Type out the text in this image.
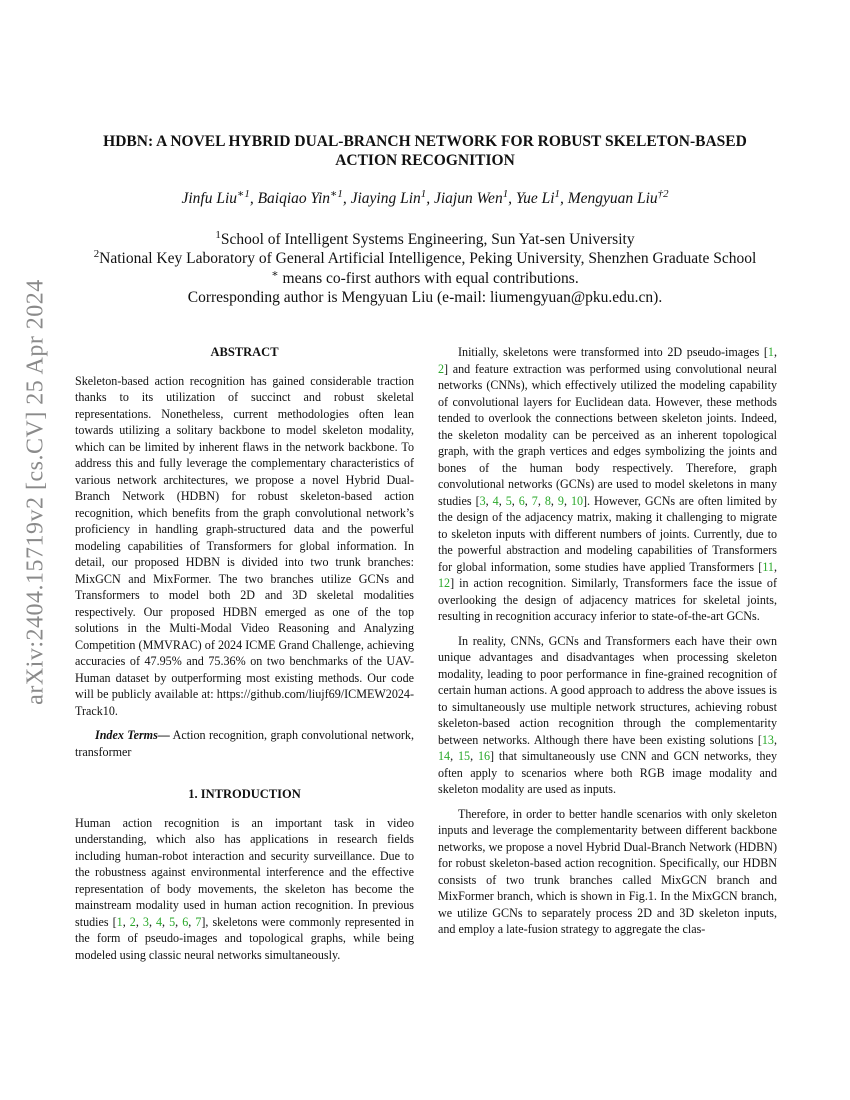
arXiv:2404.15719v2 [cs.CV] 25 Apr 2024
HDBN: A NOVEL HYBRID DUAL-BRANCH NETWORK FOR ROBUST SKELETON-BASED
ACTION RECOGNITION
Jinfu Liu$^{∗1}$, Baiqiao Yin$^{∗1}$, Jiaying Lin$^1$, Jiajun Wen$^1$, Yue Li$^1$, Mengyuan Liu$^{\dagger 2}$
$^1$School of Intelligent Systems Engineering, Sun Yat-sen University
$^2$National Key Laboratory of General Artificial Intelligence, Peking University, Shenzhen Graduate School
∗ means co-first authors with equal contributions.
Corresponding author is Mengyuan Liu (e-mail: liumengyuan@pku.edu.cn).
ABSTRACT

Skeleton-based action recognition has gained considerable traction thanks to its utilization of succinct and robust skeletal representations. Nonetheless, current methodologies often lean towards utilizing a solitary backbone to model skeleton modality, which can be limited by inherent flaws in the network backbone. To address this and fully leverage the complementary characteristics of various network architectures, we propose a novel Hybrid Dual-Branch Network (HDBN) for robust skeleton-based action recognition, which benefits from the graph convolutional network’s proficiency in handling graph-structured data and the powerful modeling capabilities of Transformers for global information. In detail, our proposed HDBN is divided into two trunk branches: MixGCN and MixFormer. The two branches utilize GCNs and Transformers to model both 2D and 3D skeletal modalities respectively. Our proposed HDBN emerged as one of the top solutions in the Multi-Modal Video Reasoning and Analyzing Competition (MMVRAC) of 2024 ICME Grand Challenge, achieving accuracies of 47.95% and 75.36% on two benchmarks of the UAV-Human dataset by outperforming most existing methods. Our code will be publicly available at: https://github.com/liujf69/ICMEW2024-Track10.

Index Terms— Action recognition, graph convolutional network, transformer

1. INTRODUCTION

Human action recognition is an important task in video understanding, which also has applications in research fields including human-robot interaction and security surveillance. Due to the robustness against environmental interference and the effective representation of body movements, the skeleton has become the mainstream modality used in human action recognition. In previous studies [1, 2, 3, 4, 5, 6, 7], skeletons were commonly represented in the form of pseudo-images and topological graphs, while being modeled using classic neural networks simultaneously.

Initially, skeletons were transformed into 2D pseudo-images [1, 2] and feature extraction was performed using convolutional neural networks (CNNs), which effectively utilized the modeling capability of convolutional layers for Euclidean data. However, these methods tended to overlook the connections between skeleton joints. Indeed, the skeleton modality can be perceived as an inherent topological graph, with the graph vertices and edges symbolizing the joints and bones of the human body respectively. Therefore, graph convolutional networks (GCNs) are used to model skeletons in many studies [3, 4, 5, 6, 7, 8, 9, 10]. However, GCNs are often limited by the design of the adjacency matrix, making it challenging to migrate to skeleton inputs with different numbers of joints. Currently, due to the powerful abstraction and modeling capabilities of Transformers for global information, some studies have applied Transformers [11, 12] in action recognition. Similarly, Transformers face the issue of overlooking the design of adjacency matrices for skeletal joints, resulting in recognition accuracy inferior to state-of-the-art GCNs.

In reality, CNNs, GCNs and Transformers each have their own unique advantages and disadvantages when processing skeleton modality, leading to poor performance in fine-grained recognition of certain human actions. A good approach to address the above issues is to simultaneously use multiple network structures, achieving robust skeleton-based action recognition through the complementarity between networks. Although there have been existing solutions [13, 14, 15, 16] that simultaneously use CNN and GCN networks, they often apply to scenarios where both RGB image modality and skeleton modality are used as inputs.

Therefore, in order to better handle scenarios with only skeleton inputs and leverage the complementarity between different backbone networks, we propose a novel Hybrid Dual-Branch Network (HDBN) for robust skeleton-based action recognition. Specifically, our HDBN consists of two trunk branches called MixGCN branch and MixFormer branch, which is shown in Fig.1. In the MixGCN branch, we utilize GCNs to separately process 2D and 3D skeleton inputs, and employ a late-fusion strategy to aggregate the clas-
